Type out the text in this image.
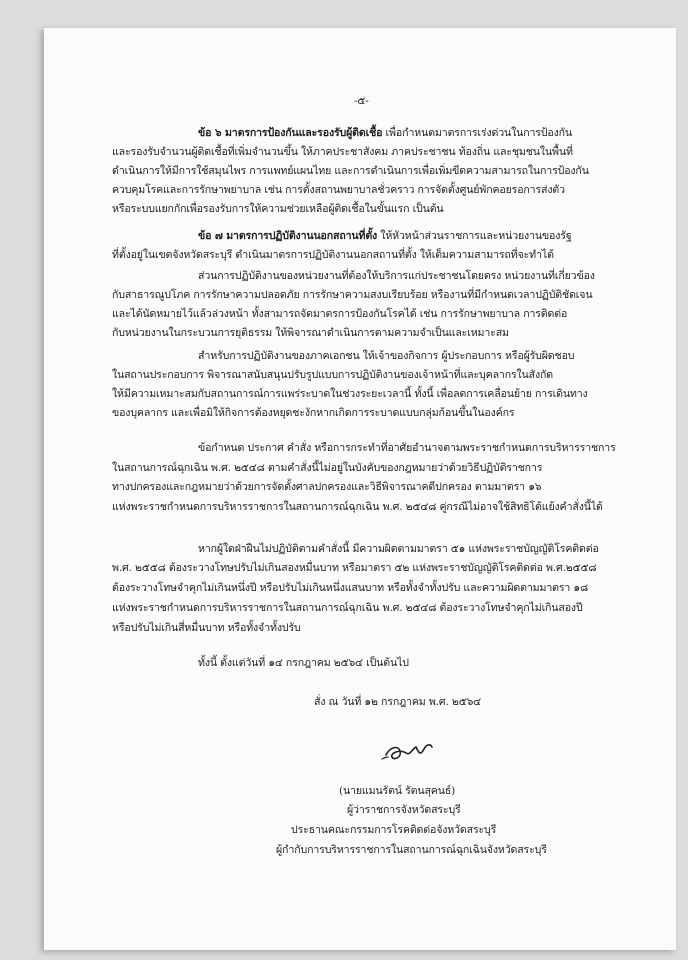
-๕-
ข้อ ๖ มาตรการป้องกันและรองรับผู้ติดเชื้อ เพื่อกำหนดมาตรการเร่งด่วนในการป้องกัน
และรองรับจำนวนผู้ติดเชื้อที่เพิ่มจำนวนขึ้น ให้ภาคประชาสังคม ภาคประชาชน ท้องถิ่น และชุมชนในพื้นที่
ดำเนินการให้มีการใช้สมุนไพร การแพทย์แผนไทย และการดำเนินการเพื่อเพิ่มขีดความสามารถในการป้องกัน
ควบคุมโรคและการรักษาพยาบาล เช่น การตั้งสถานพยาบาลชั่วคราว การจัดตั้งศูนย์พักคอยรอการส่งตัว
หรือระบบแยกกักเพื่อรองรับการให้ความช่วยเหลือผู้ติดเชื้อในขั้นแรก เป็นต้น
ข้อ ๗ มาตรการปฏิบัติงานนอกสถานที่ตั้ง ให้หัวหน้าส่วนราชการและหน่วยงานของรัฐ
ที่ตั้งอยู่ในเขตจังหวัดสระบุรี ดำเนินมาตรการปฏิบัติงานนอกสถานที่ตั้ง ให้เต็มความสามารถที่จะทำได้
ส่วนการปฏิบัติงานของหน่วยงานที่ต้องให้บริการแก่ประชาชนโดยตรง หน่วยงานที่เกี่ยวข้อง
กับสาธารณูปโภค การรักษาความปลอดภัย การรักษาความสงบเรียบร้อย หรืองานที่มีกำหนดเวลาปฏิบัติชัดเจน
และได้นัดหมายไว้แล้วล่วงหน้า ทั้งสามารถจัดมาตรการป้องกันโรคได้ เช่น การรักษาพยาบาล การติดต่อ
กับหน่วยงานในกระบวนการยุติธรรม ให้พิจารณาดำเนินการตามความจำเป็นและเหมาะสม
สำหรับการปฏิบัติงานของภาคเอกชน ให้เจ้าของกิจการ ผู้ประกอบการ หรือผู้รับผิดชอบ
ในสถานประกอบการ พิจารณาสนับสนุนปรับรูปแบบการปฏิบัติงานของเจ้าหน้าที่และบุคลากรในสังกัด
ให้มีความเหมาะสมกับสถานการณ์การแพร่ระบาดในช่วงระยะเวลานี้ ทั้งนี้ เพื่อลดการเคลื่อนย้าย การเดินทาง
ของบุคลากร และเพื่อมิให้กิจการต้องหยุดชะงักหากเกิดการระบาดแบบกลุ่มก้อนขึ้นในองค์กร
ข้อกำหนด ประกาศ คำสั่ง หรือการกระทำที่อาศัยอำนาจตามพระราชกำหนดการบริหารราชการ
ในสถานการณ์ฉุกเฉิน พ.ศ. ๒๕๔๘ ตามคำสั่งนี้ไม่อยู่ในบังคับของกฎหมายว่าด้วยวิธีปฏิบัติราชการ
ทางปกครองและกฎหมายว่าด้วยการจัดตั้งศาลปกครองและวิธีพิจารณาคดีปกครอง ตามมาตรา ๑๖
แห่งพระราชกำหนดการบริหารราชการในสถานการณ์ฉุกเฉิน พ.ศ. ๒๕๔๘ คู่กรณีไม่อาจใช้สิทธิโต้แย้งคำสั่งนี้ได้
หากผู้ใดฝ่าฝืนไม่ปฏิบัติตามคำสั่งนี้ มีความผิดตามมาตรา ๕๑ แห่งพระราชบัญญัติโรคติดต่อ
พ.ศ. ๒๕๕๘ ต้องระวางโทษปรับไม่เกินสองหมื่นบาท หรือมาตรา ๕๒ แห่งพระราชบัญญัติโรคติดต่อ พ.ศ.๒๕๕๘
ต้องระวางโทษจำคุกไม่เกินหนึ่งปี หรือปรับไม่เกินหนึ่งแสนบาท หรือทั้งจำทั้งปรับ และความผิดตามมาตรา ๑๘
แห่งพระราชกำหนดการบริหารราชการในสถานการณ์ฉุกเฉิน พ.ศ. ๒๕๔๘ ต้องระวางโทษจำคุกไม่เกินสองปี
หรือปรับไม่เกินสี่หมื่นบาท หรือทั้งจำทั้งปรับ
ทั้งนี้ ตั้งแต่วันที่ ๑๔ กรกฎาคม ๒๕๖๔ เป็นต้นไป
สั่ง ณ วันที่ ๑๒ กรกฎาคม พ.ศ. ๒๕๖๔
(นายแมนรัตน์ รัตนสุคนธ์)
ผู้ว่าราชการจังหวัดสระบุรี
ประธานคณะกรรมการโรคติดต่อจังหวัดสระบุรี
ผู้กำกับการบริหารราชการในสถานการณ์ฉุกเฉินจังหวัดสระบุรี
